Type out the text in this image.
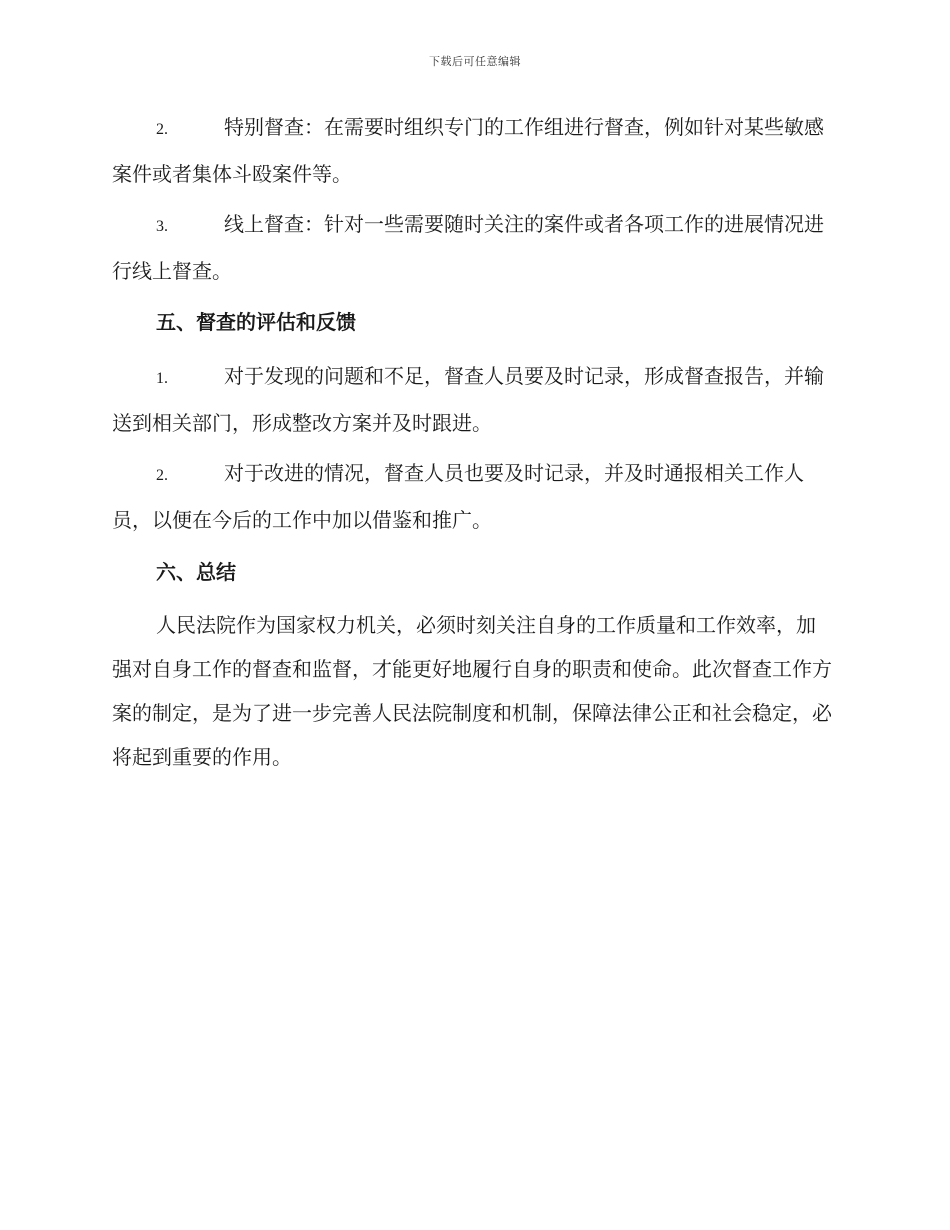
下载后可任意编辑

2.	特别督查：在需要时组织专门的工作组进行督查，例如针对某些敏感案件或者集体斗殴案件等。

3.	线上督查：针对一些需要随时关注的案件或者各项工作的进展情况进行线上督查。

五、督查的评估和反馈

1.	对于发现的问题和不足，督查人员要及时记录，形成督查报告，并输送到相关部门，形成整改方案并及时跟进。

2.	对于改进的情况，督查人员也要及时记录，并及时通报相关工作人员，以便在今后的工作中加以借鉴和推广。

六、总结

人民法院作为国家权力机关，必须时刻关注自身的工作质量和工作效率，加强对自身工作的督查和监督，才能更好地履行自身的职责和使命。此次督查工作方案的制定，是为了进一步完善人民法院制度和机制，保障法律公正和社会稳定，必将起到重要的作用。
